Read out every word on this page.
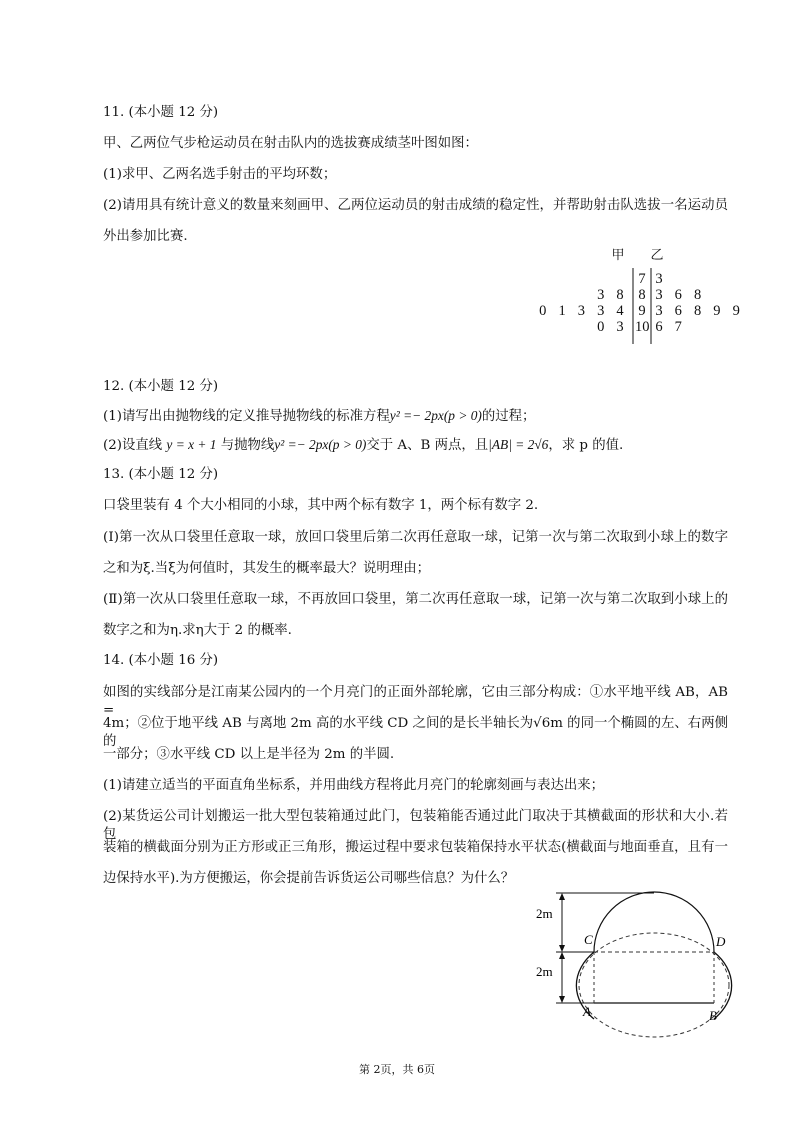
11. (本小题 12 分)
甲、乙两位气步枪运动员在射击队内的选拔赛成绩茎叶图如图：
(1)求甲、乙两名选手射击的平均环数；
(2)请用具有统计意义的数量来刻画甲、乙两位运动员的射击成绩的稳定性，并帮助射击队选拔一名运动员
外出参加比赛.
甲 乙
7 3
3 8 8 3 6 8
0 1 3 3 4 9 3 6 8 9 9
0 3 10 6 7
12. (本小题 12 分)
(1)请写出由抛物线的定义推导抛物线的标准方程y² =− 2px(p > 0)的过程；
(2)设直线 y = x + 1 与抛物线y² =− 2px(p > 0)交于 A、B 两点，且|AB| = 2√6，求 p 的值.
13. (本小题 12 分)
口袋里装有 4 个大小相同的小球，其中两个标有数字 1，两个标有数字 2.
(Ⅰ)第一次从口袋里任意取一球，放回口袋里后第二次再任意取一球，记第一次与第二次取到小球上的数字
之和为ξ.当ξ为何值时，其发生的概率最大？说明理由；
(Ⅱ)第一次从口袋里任意取一球，不再放回口袋里，第二次再任意取一球，记第一次与第二次取到小球上的
数字之和为η.求η大于 2 的概率.
14. (本小题 16 分)
如图的实线部分是江南某公园内的一个月亮门的正面外部轮廓，它由三部分构成：①水平地平线 AB，AB =
4m；②位于地平线 AB 与离地 2m 高的水平线 CD 之间的是长半轴长为√6m 的同一个椭圆的左、右两侧的
一部分；③水平线 CD 以上是半径为 2m 的半圆.
(1)请建立适当的平面直角坐标系，并用曲线方程将此月亮门的轮廓刻画与表达出来；
(2)某货运公司计划搬运一批大型包装箱通过此门，包装箱能否通过此门取决于其横截面的形状和大小.若包
装箱的横截面分别为正方形或正三角形，搬运过程中要求包装箱保持水平状态(横截面与地面垂直，且有一
边保持水平).为方便搬运，你会提前告诉货运公司哪些信息？为什么？
2m
2m
C	D
A	B
第 2页，共 6页
